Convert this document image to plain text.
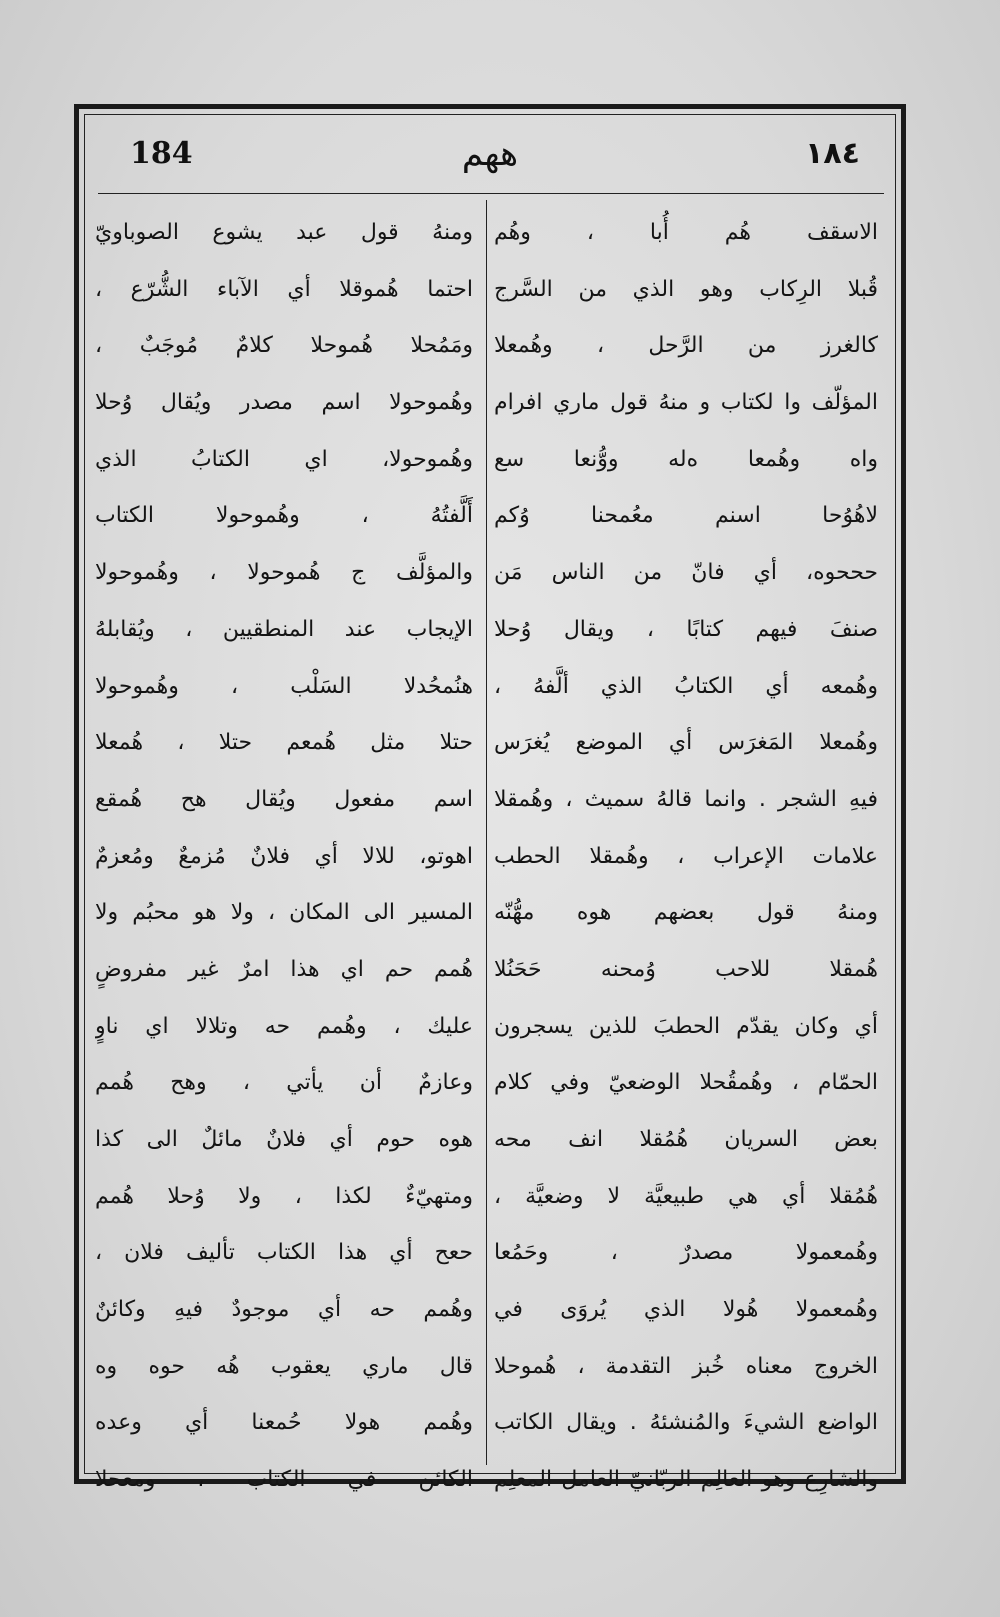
184	ههم	١٨٤
الاسقف هُم أُبا ، وهُم
قُبلا الرِكاب وهو الذي من السَّرج
كالغرز من الرَّحل ، وهُمعلا
المؤلّف وا لكتاب و منهُ قول ماري افرام
واه وهُمعا ه‌له ووُّنعا سع
لاهُوُحا اسنم معُمحنا وُكم
حححوه، أي فانّ من الناس مَن
صنفَ فيهم كتابًا ، ويقال وُحلا
وهُمعه أي الكتابُ الذي ألَّفهُ ،
وهُمعلا المَغرَس أي الموضع يُغرَس
فيهِ الشجر . وانما قالهُ سميث ، وهُمقلا
علامات الإعراب ، وهُمقلا الحطب
ومنهُ قول بعضهم هوه مهُّنّه
هُمقلا للاحب وُمحنه حَحَنُلا
أي وكان يقدّم الحطبَ للذين يسجرون
الحمّام ، وهُمقُحلا الوضعيّ وفي كلام
بعض السريان هُمُقلا انف محه
هُمُقلا أي هي طبيعيَّة لا وضعيَّة ،
وهُمعمولا مصدرٌ ، وحَمُعا
وهُمعمولا هُولا الذي يُروَى في
الخروج معناه خُبز التقدمة ، هُموحلا
الواضع الشيءَ والمُنشئهُ . ويقال الكاتب
والشارِع وهو العالِم الربّانيّ العامل المعلِم
ومنهُ قول عبد يشوع الصوباويّ
احتما هُموقلا أي الآباء الشُّرّع ،
ومَمُحلا هُموحلا كلامٌ مُوجَبٌ ،
وهُموحولا اسم مصدر ويُقال وُحلا
وهُموحولا، اي الكتابُ الذي
أَلَّفتُهُ ، وهُموحولا الكتاب
والمؤلَّف ج هُموحولا ، وهُموحولا
الإيجاب عند المنطقيين ، ويُقابلهُ
هنُمحُدلا السَلْب ، وهُموحولا
حتلا مثل هُمعم حتلا ، هُمعلا
اسم مفعول ويُقال هح هُمقع
اهوتو، للالا أي فلانٌ مُزمعٌ ومُعزمٌ
المسير الى المكان ، ولا هو محبُم ولا
هُمم حم اي هذا امرٌ غير مفروضٍ
عليك ، وهُمم حه وتلالا اي ناوٍ
وعازمٌ أن يأتي ، وهح هُمم
هوه حوم أي فلانٌ مائلٌ الى كذا
ومتهيّءٌ لكذا ، ولا وُحلا هُمم
حعح أي هذا الكتاب تأليف فلان ،
وهُمم حه أي موجودٌ فيهِ وكائنٌ
قال ماري يعقوب هُه حوه وه
وهُمم هولا حُمعنا أي وعده
الكائن في الكتاب ، ومعحلا
